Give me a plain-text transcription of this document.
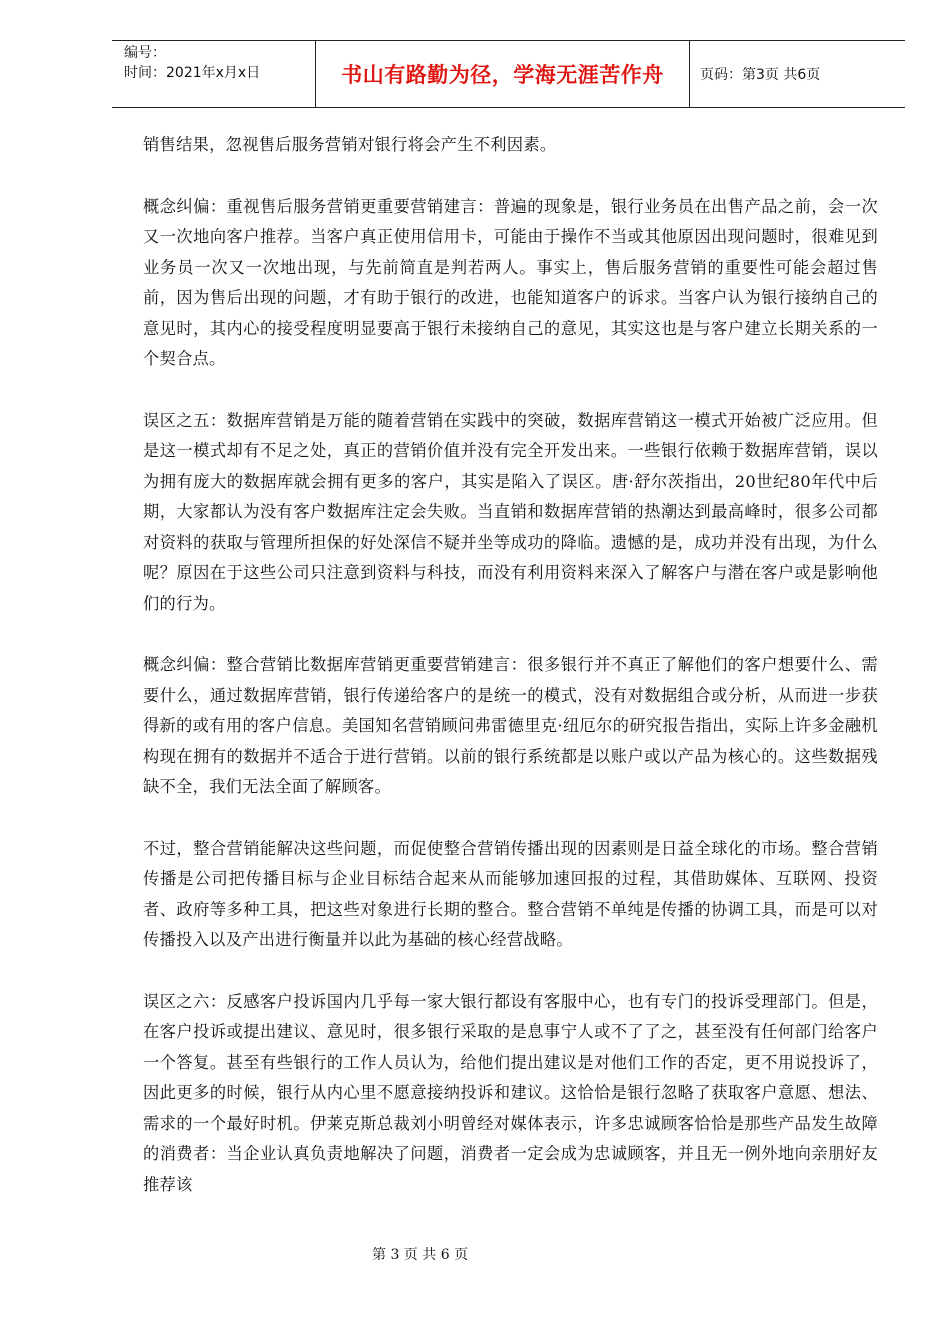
编号：
时间：2021年x月x日	书山有路勤为径，学海无涯苦作舟	页码：第3页 共6页

销售结果，忽视售后服务营销对银行将会产生不利因素。

概念纠偏：重视售后服务营销更重要营销建言：普遍的现象是，银行业务员在出售产品之前，会一次又一次地向客户推荐。当客户真正使用信用卡，可能由于操作不当或其他原因出现问题时，很难见到业务员一次又一次地出现，与先前简直是判若两人。事实上，售后服务营销的重要性可能会超过售前，因为售后出现的问题，才有助于银行的改进，也能知道客户的诉求。当客户认为银行接纳自己的意见时，其内心的接受程度明显要高于银行未接纳自己的意见，其实这也是与客户建立长期关系的一个契合点。

误区之五：数据库营销是万能的随着营销在实践中的突破，数据库营销这一模式开始被广泛应用。但是这一模式却有不足之处，真正的营销价值并没有完全开发出来。一些银行依赖于数据库营销，误以为拥有庞大的数据库就会拥有更多的客户，其实是陷入了误区。唐·舒尔茨指出，20世纪80年代中后期，大家都认为没有客户数据库注定会失败。当直销和数据库营销的热潮达到最高峰时，很多公司都对资料的获取与管理所担保的好处深信不疑并坐等成功的降临。遗憾的是，成功并没有出现，为什么呢？原因在于这些公司只注意到资料与科技，而没有利用资料来深入了解客户与潜在客户或是影响他们的行为。

概念纠偏：整合营销比数据库营销更重要营销建言：很多银行并不真正了解他们的客户想要什么、需要什么，通过数据库营销，银行传递给客户的是统一的模式，没有对数据组合或分析，从而进一步获得新的或有用的客户信息。美国知名营销顾问弗雷德里克·纽厄尔的研究报告指出，实际上许多金融机构现在拥有的数据并不适合于进行营销。以前的银行系统都是以账户或以产品为核心的。这些数据残缺不全，我们无法全面了解顾客。

不过，整合营销能解决这些问题，而促使整合营销传播出现的因素则是日益全球化的市场。整合营销传播是公司把传播目标与企业目标结合起来从而能够加速回报的过程，其借助媒体、互联网、投资者、政府等多种工具，把这些对象进行长期的整合。整合营销不单纯是传播的协调工具，而是可以对传播投入以及产出进行衡量并以此为基础的核心经营战略。

误区之六：反感客户投诉国内几乎每一家大银行都设有客服中心，也有专门的投诉受理部门。但是，在客户投诉或提出建议、意见时，很多银行采取的是息事宁人或不了了之，甚至没有任何部门给客户一个答复。甚至有些银行的工作人员认为，给他们提出建议是对他们工作的否定，更不用说投诉了，因此更多的时候，银行从内心里不愿意接纳投诉和建议。这恰恰是银行忽略了获取客户意愿、想法、需求的一个最好时机。伊莱克斯总裁刘小明曾经对媒体表示，许多忠诚顾客恰恰是那些产品发生故障的消费者：当企业认真负责地解决了问题，消费者一定会成为忠诚顾客，并且无一例外地向亲朋好友推荐该

第 3 页 共 6 页
